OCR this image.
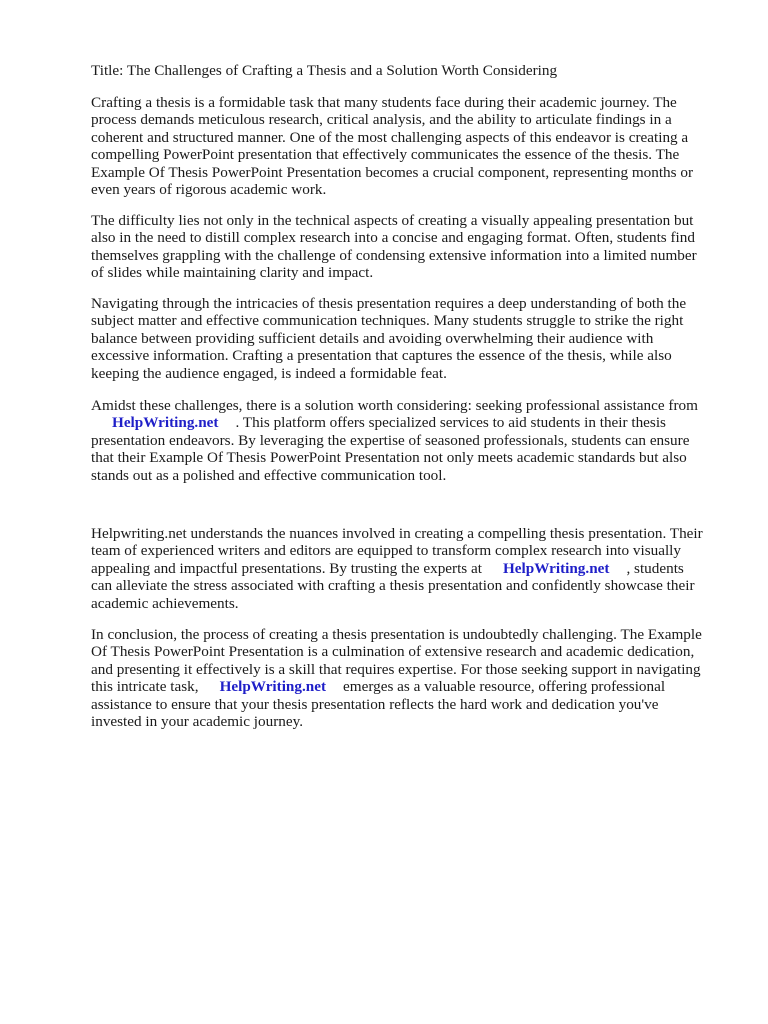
Title: The Challenges of Crafting a Thesis and a Solution Worth Considering
Crafting a thesis is a formidable task that many students face during their academic journey. The
process demands meticulous research, critical analysis, and the ability to articulate findings in a
coherent and structured manner. One of the most challenging aspects of this endeavor is creating a
compelling PowerPoint presentation that effectively communicates the essence of the thesis. The
Example Of Thesis PowerPoint Presentation becomes a crucial component, representing months or
even years of rigorous academic work.
The difficulty lies not only in the technical aspects of creating a visually appealing presentation but
also in the need to distill complex research into a concise and engaging format. Often, students find
themselves grappling with the challenge of condensing extensive information into a limited number
of slides while maintaining clarity and impact.
Navigating through the intricacies of thesis presentation requires a deep understanding of both the
subject matter and effective communication techniques. Many students struggle to strike the right
balance between providing sufficient details and avoiding overwhelming their audience with
excessive information. Crafting a presentation that captures the essence of the thesis, while also
keeping the audience engaged, is indeed a formidable feat.
Amidst these challenges, there is a solution worth considering: seeking professional assistance from
HelpWriting.net . This platform offers specialized services to aid students in their thesis
presentation endeavors. By leveraging the expertise of seasoned professionals, students can ensure
that their Example Of Thesis PowerPoint Presentation not only meets academic standards but also
stands out as a polished and effective communication tool.
Helpwriting.net understands the nuances involved in creating a compelling thesis presentation. Their
team of experienced writers and editors are equipped to transform complex research into visually
appealing and impactful presentations. By trusting the experts at HelpWriting.net , students
can alleviate the stress associated with crafting a thesis presentation and confidently showcase their
academic achievements.
In conclusion, the process of creating a thesis presentation is undoubtedly challenging. The Example
Of Thesis PowerPoint Presentation is a culmination of extensive research and academic dedication,
and presenting it effectively is a skill that requires expertise. For those seeking support in navigating
this intricate task, HelpWriting.net emerges as a valuable resource, offering professional
assistance to ensure that your thesis presentation reflects the hard work and dedication you've
invested in your academic journey.
